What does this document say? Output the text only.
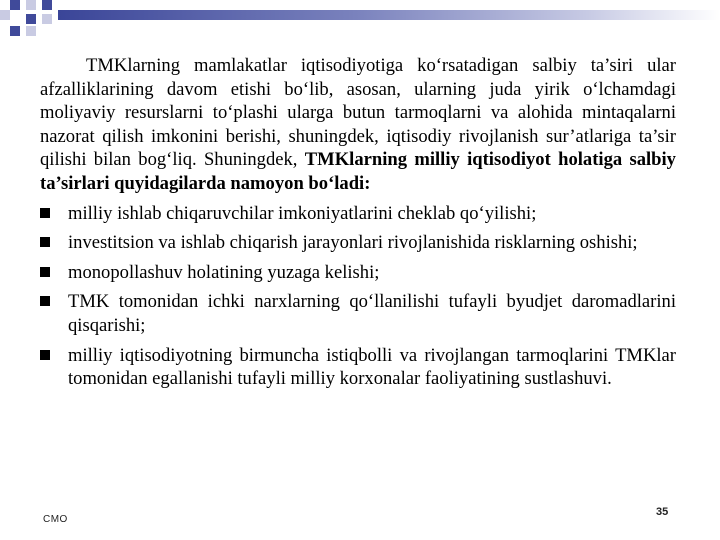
TMKlarning mamlakatlar iqtisodiyotiga ko‘rsatadigan salbiy ta’siri ular afzalliklarining davom etishi bo‘lib, asosan, ularning juda yirik o‘lchamdagi moliyaviy resurslarni to‘plashi ularga butun tarmoqlarni va alohida mintaqalarni nazorat qilish imkonini berishi, shuningdek, iqtisodiy rivojlanish sur’atlariga ta’sir qilishi bilan bog‘liq. Shuningdek, TMKlarning milliy iqtisodiyot holatiga salbiy ta’sirlari quyidagilarda namoyon bo‘ladi:

milliy ishlab chiqaruvchilar imkoniyatlarini cheklab qo‘yilishi;
investitsion va ishlab chiqarish jarayonlari rivojlanishida risklarning oshishi;
monopollashuv holatining yuzaga kelishi;
TMK tomonidan ichki narxlarning qo‘llanilishi tufayli byudjet daromadlarini qisqarishi;
milliy iqtisodiyotning birmuncha istiqbolli va rivojlangan tarmoqlarini TMKlar tomonidan egallanishi tufayli milliy korxonalar faoliyatining sustlashuvi.
CMO
35
